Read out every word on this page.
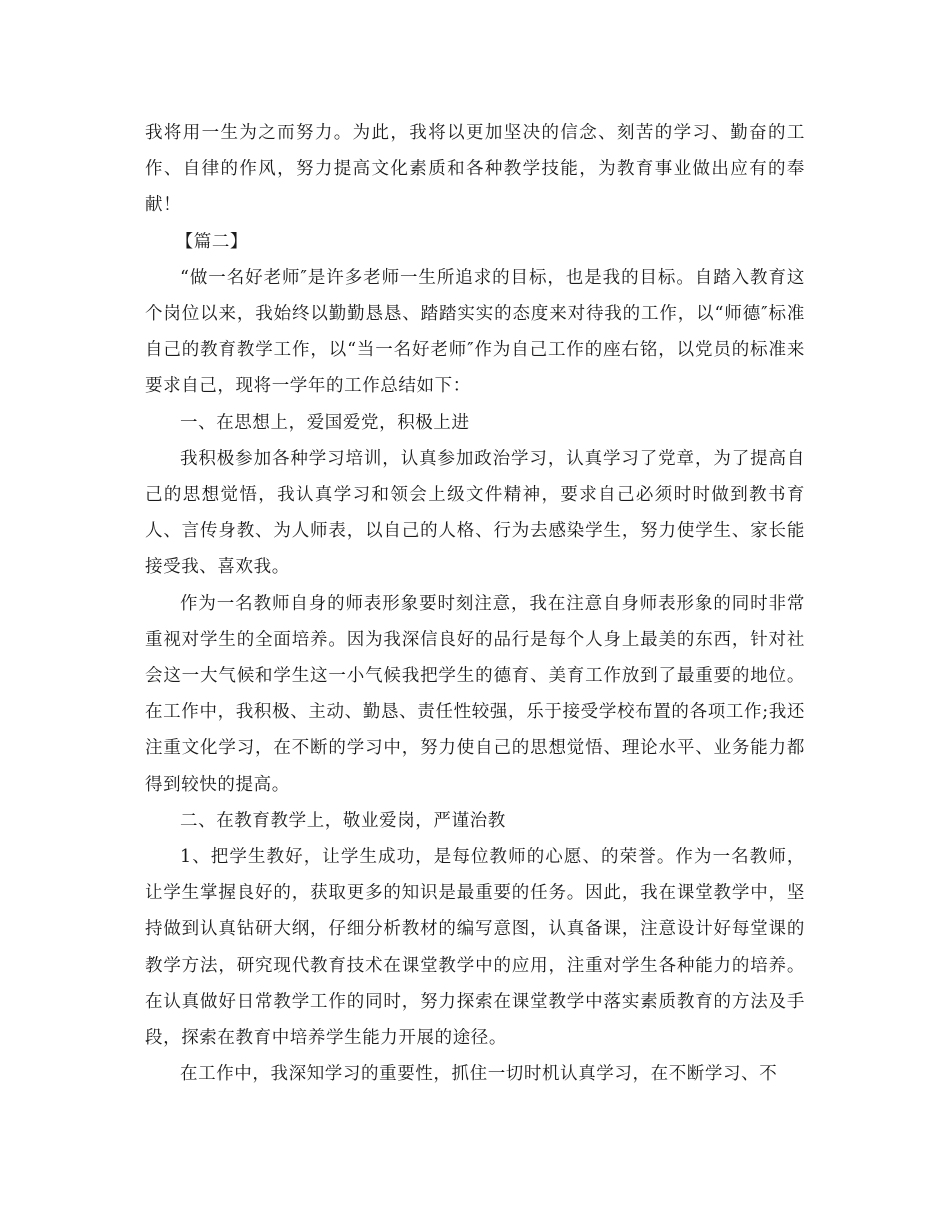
我将用一生为之而努力。为此，我将以更加坚决的信念、刻苦的学习、勤奋的工作、自律的作风，努力提高文化素质和各种教学技能，为教育事业做出应有的奉献！

【篇二】

“做一名好老师″是许多老师一生所追求的目标，也是我的目标。自踏入教育这个岗位以来，我始终以勤勤恳恳、踏踏实实的态度来对待我的工作，以“师德″标准自己的教育教学工作，以“当一名好老师″作为自己工作的座右铭，以党员的标准来要求自己，现将一学年的工作总结如下：

一、在思想上，爱国爱党，积极上进

我积极参加各种学习培训，认真参加政治学习，认真学习了党章，为了提高自己的思想觉悟，我认真学习和领会上级文件精神，要求自己必须时时做到教书育人、言传身教、为人师表，以自己的人格、行为去感染学生，努力使学生、家长能接受我、喜欢我。

作为一名教师自身的师表形象要时刻注意，我在注意自身师表形象的同时非常重视对学生的全面培养。因为我深信良好的品行是每个人身上最美的东西，针对社会这一大气候和学生这一小气候我把学生的德育、美育工作放到了最重要的地位。在工作中，我积极、主动、勤恳、责任性较强，乐于接受学校布置的各项工作;我还注重文化学习，在不断的学习中，努力使自己的思想觉悟、理论水平、业务能力都得到较快的提高。

二、在教育教学上，敬业爱岗，严谨治教

1、把学生教好，让学生成功，是每位教师的心愿、的荣誉。作为一名教师，让学生掌握良好的，获取更多的知识是最重要的任务。因此，我在课堂教学中，坚持做到认真钻研大纲，仔细分析教材的编写意图，认真备课，注意设计好每堂课的教学方法，研究现代教育技术在课堂教学中的应用，注重对学生各种能力的培养。在认真做好日常教学工作的同时，努力探索在课堂教学中落实素质教育的方法及手段，探索在教育中培养学生能力开展的途径。

在工作中，我深知学习的重要性，抓住一切时机认真学习，在不断学习、不
